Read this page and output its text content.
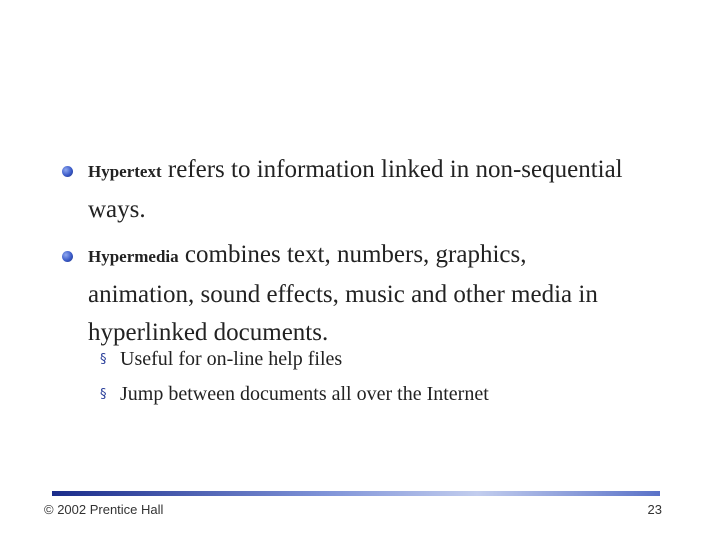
Hypertext refers to information linked in non-sequential ways.
Hypermedia combines text, numbers, graphics, animation, sound effects, music and other media in hyperlinked documents.
§ Useful for on-line help files
§ Jump between documents all over the Internet
© 2002 Prentice Hall	23
